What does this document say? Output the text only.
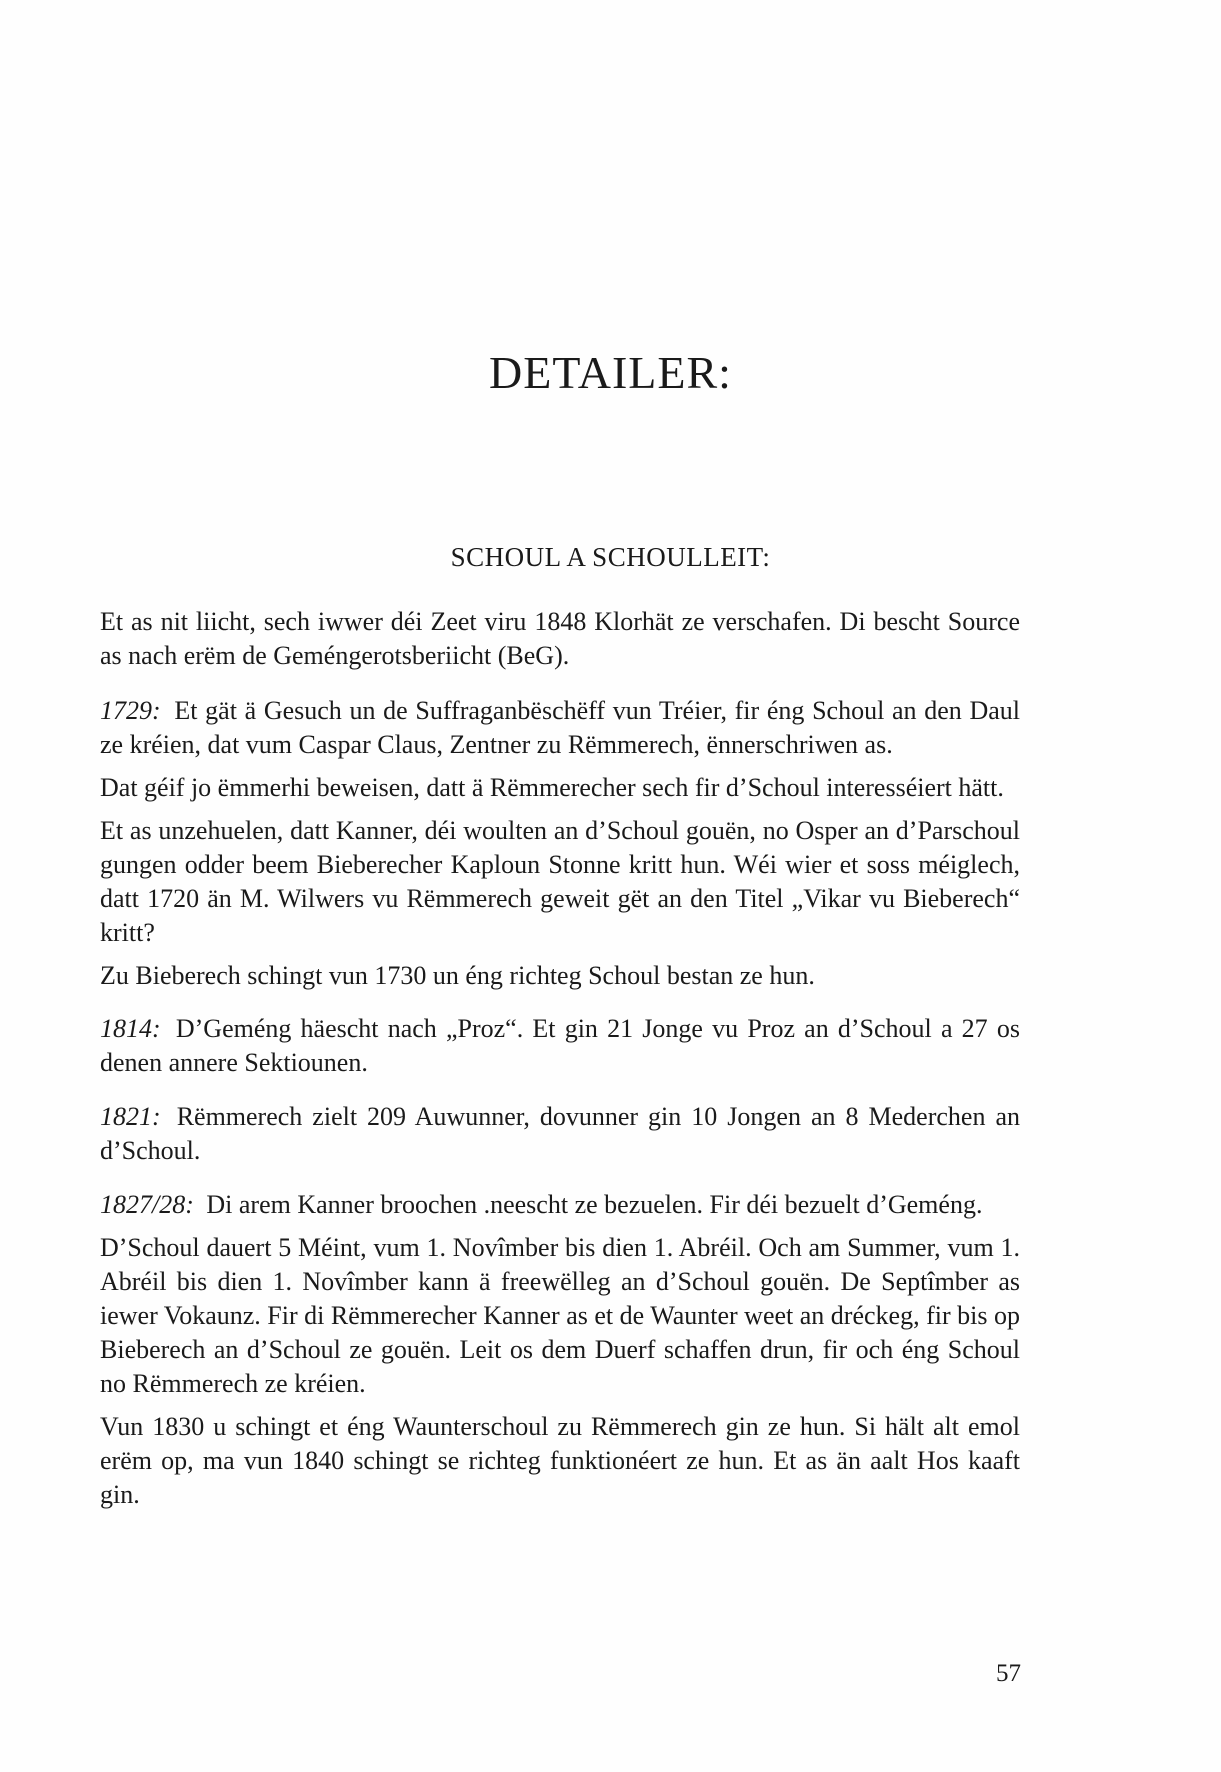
DETAILER:
SCHOUL A SCHOULLEIT:

Et as nit liicht, sech iwwer déi Zeet viru 1848 Klorhät ze verschafen. Di bescht Source as nach erëm de Geméngerotsberiicht (BeG).

1729: Et gät ä Gesuch un de Suffraganbëschëff vun Tréier, fir éng Schoul an den Daul ze kréien, dat vum Caspar Claus, Zentner zu Rëmmerech, ënnerschriwen as.

Dat géif jo ëmmerhi beweisen, datt ä Rëmmerecher sech fir d’Schoul interesséiert hätt.

Et as unzehuelen, datt Kanner, déi woulten an d’Schoul gouën, no Osper an d’Parschoul gungen odder beem Bieberecher Kaploun Stonne kritt hun. Wéi wier et soss méiglech, datt 1720 än M. Wilwers vu Rëmmerech geweit gët an den Titel „Vikar vu Bieberech“ kritt?

Zu Bieberech schingt vun 1730 un éng richteg Schoul bestan ze hun.

1814: D’Geméng häescht nach „Proz“. Et gin 21 Jonge vu Proz an d’Schoul a 27 os denen annere Sektiounen.

1821: Rëmmerech zielt 209 Auwunner, dovunner gin 10 Jongen an 8 Mederchen an d’Schoul.

1827/28: Di arem Kanner broochen .neescht ze bezuelen. Fir déi bezuelt d’Geméng.

D’Schoul dauert 5 Méint, vum 1. Novîmber bis dien 1. Abréil. Och am Summer, vum 1. Abréil bis dien 1. Novîmber kann ä freewëlleg an d’Schoul gouën. De Septîmber as iewer Vokaunz. Fir di Rëmmerecher Kanner as et de Waunter weet an dréckeg, fir bis op Bieberech an d’Schoul ze gouën. Leit os dem Duerf schaffen drun, fir och éng Schoul no Rëmmerech ze kréien.

Vun 1830 u schingt et éng Waunterschoul zu Rëmmerech gin ze hun. Si hält alt emol erëm op, ma vun 1840 schingt se richteg funktionéert ze hun. Et as än aalt Hos kaaft gin.

57
